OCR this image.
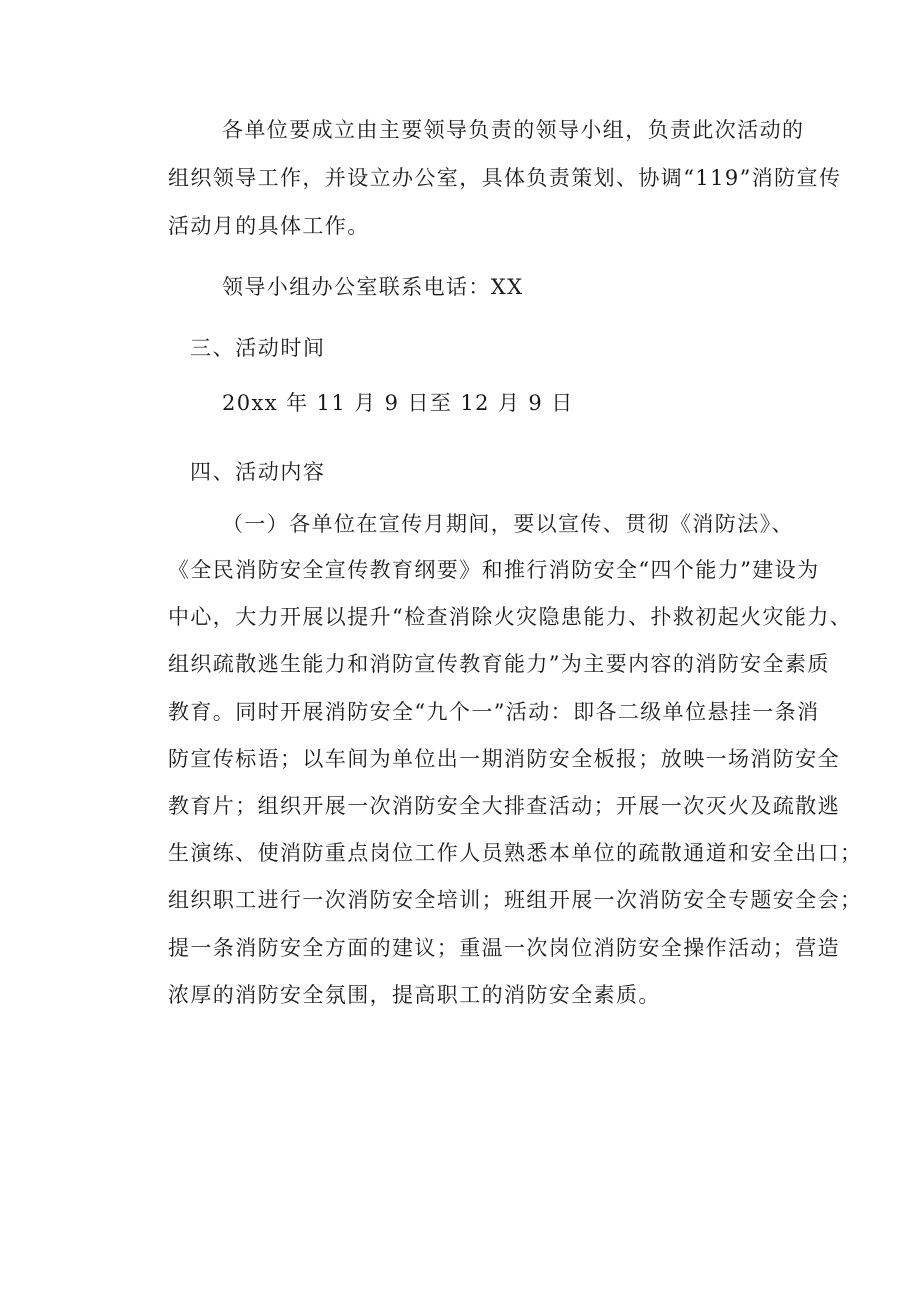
各单位要成立由主要领导负责的领导小组，负责此次活动的
组织领导工作，并设立办公室，具体负责策划、协调“119”消防宣传
活动月的具体工作。
领导小组办公室联系电话：XX
三、活动时间
20xx 年 11 月 9 日至 12 月 9 日
四、活动内容
（一）各单位在宣传月期间，要以宣传、贯彻《消防法》、
《全民消防安全宣传教育纲要》和推行消防安全“四个能力”建设为
中心，大力开展以提升“检查消除火灾隐患能力、扑救初起火灾能力、
组织疏散逃生能力和消防宣传教育能力”为主要内容的消防安全素质
教育。同时开展消防安全“九个一”活动：即各二级单位悬挂一条消
防宣传标语；以车间为单位出一期消防安全板报；放映一场消防安全
教育片；组织开展一次消防安全大排查活动；开展一次灭火及疏散逃
生演练、使消防重点岗位工作人员熟悉本单位的疏散通道和安全出口；
组织职工进行一次消防安全培训；班组开展一次消防安全专题安全会；
提一条消防安全方面的建议；重温一次岗位消防安全操作活动；营造
浓厚的消防安全氛围，提高职工的消防安全素质。
